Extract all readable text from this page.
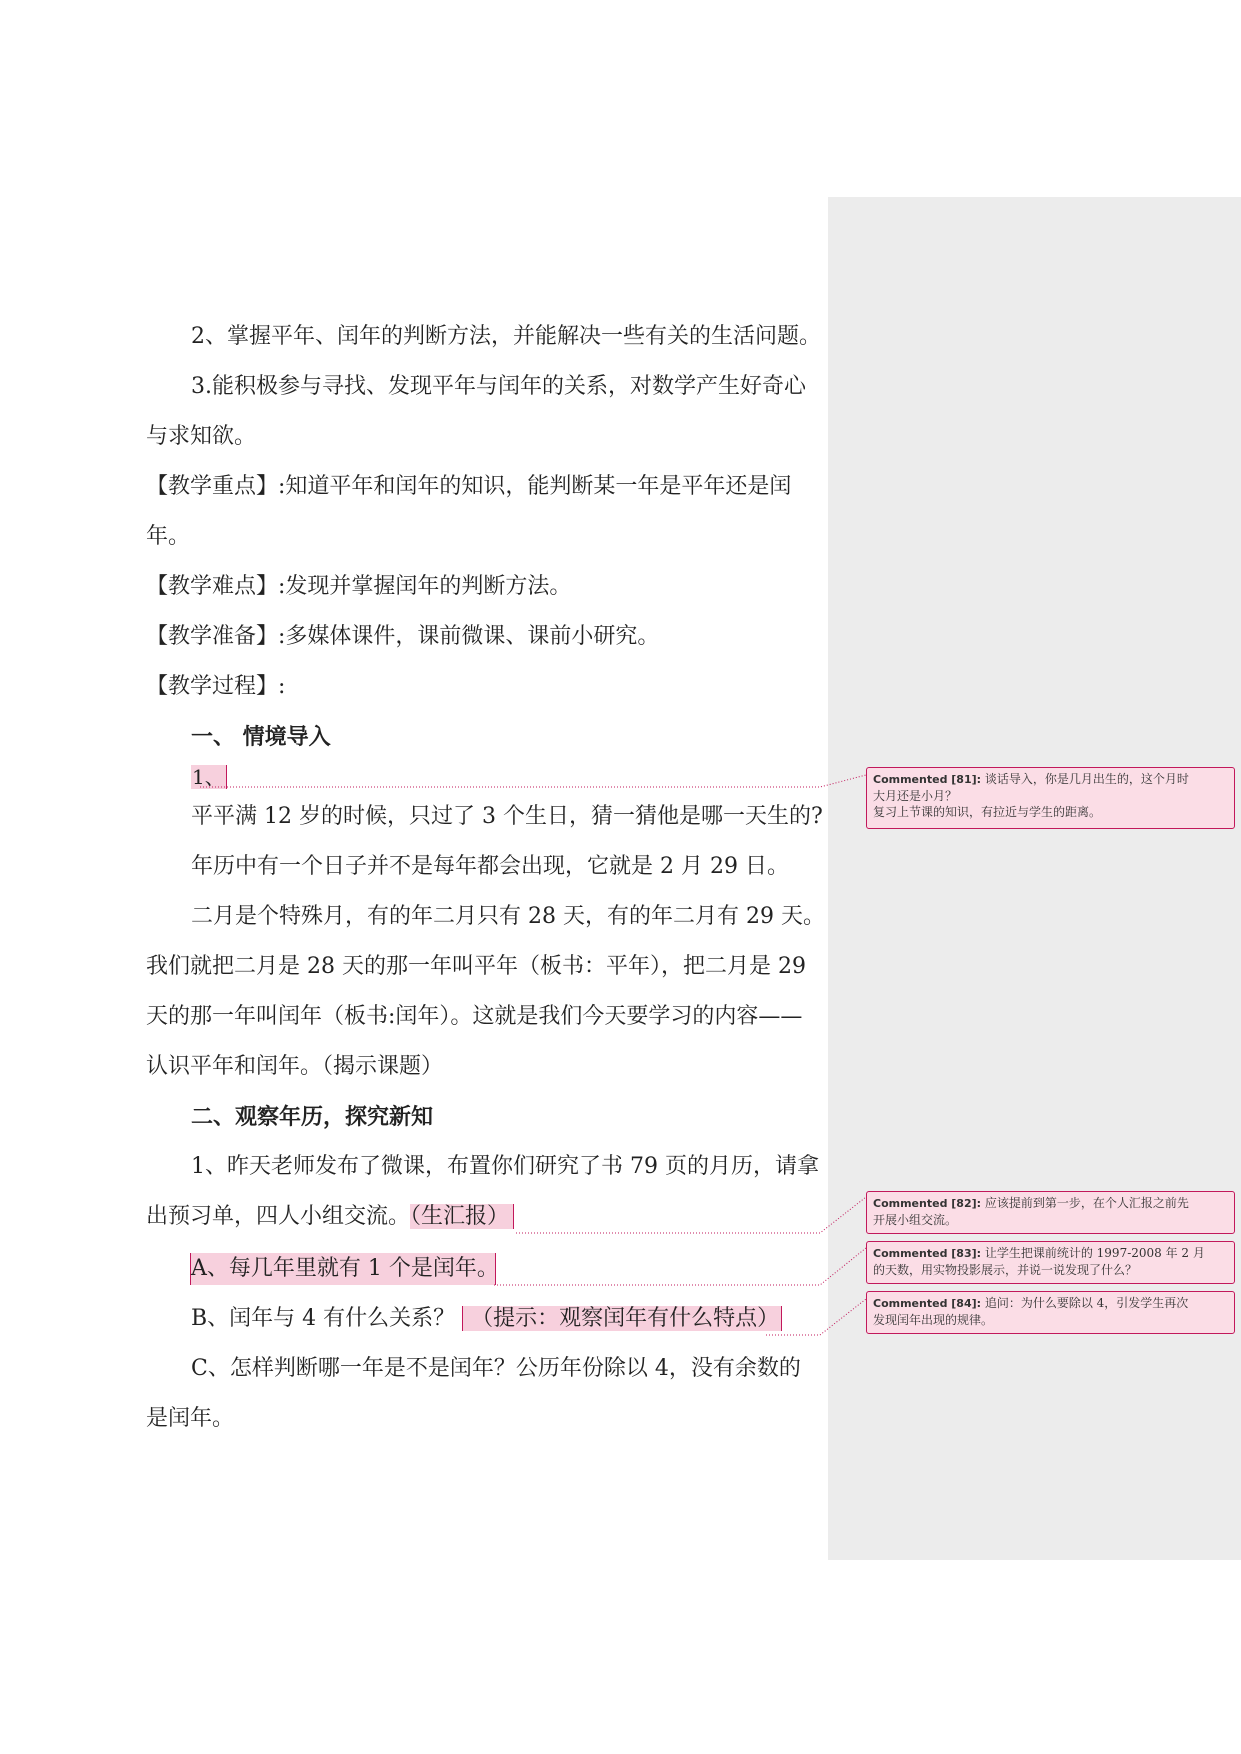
2、掌握平年、闰年的判断方法，并能解决一些有关的生活问题。
3.能积极参与寻找、发现平年与闰年的关系，对数学产生好奇心
与求知欲。
【教学重点】:知道平年和闰年的知识，能判断某一年是平年还是闰
年。
【教学难点】:发现并掌握闰年的判断方法。
【教学准备】:多媒体课件，课前微课、课前小研究。
【教学过程】:
一、 情境导入
1、
平平满 12 岁的时候，只过了 3 个生日，猜一猜他是哪一天生的?
年历中有一个日子并不是每年都会出现，它就是 2 月 29 日。
二月是个特殊月，有的年二月只有 28 天，有的年二月有 29 天。
我们就把二月是 28 天的那一年叫平年（板书：平年），把二月是 29
天的那一年叫闰年（板书:闰年）。这就是我们今天要学习的内容——
认识平年和闰年。（揭示课题）
二、观察年历，探究新知
1、昨天老师发布了微课，布置你们研究了书 79 页的月历，请拿
出预习单，四人小组交流。（生汇报）
A、每几年里就有 1 个是闰年。
B、闰年与 4 有什么关系？ （提示：观察闰年有什么特点）
C、怎样判断哪一年是不是闰年？公历年份除以 4，没有余数的
是闰年。
Commented [81]: 谈话导入，你是几月出生的，这个月时
大月还是小月？
复习上节课的知识，有拉近与学生的距离。
Commented [82]: 应该提前到第一步，在个人汇报之前先
开展小组交流。
Commented [83]: 让学生把课前统计的 1997-2008 年 2 月
的天数，用实物投影展示，并说一说发现了什么？
Commented [84]: 追问：为什么要除以 4，引发学生再次
发现闰年出现的规律。
